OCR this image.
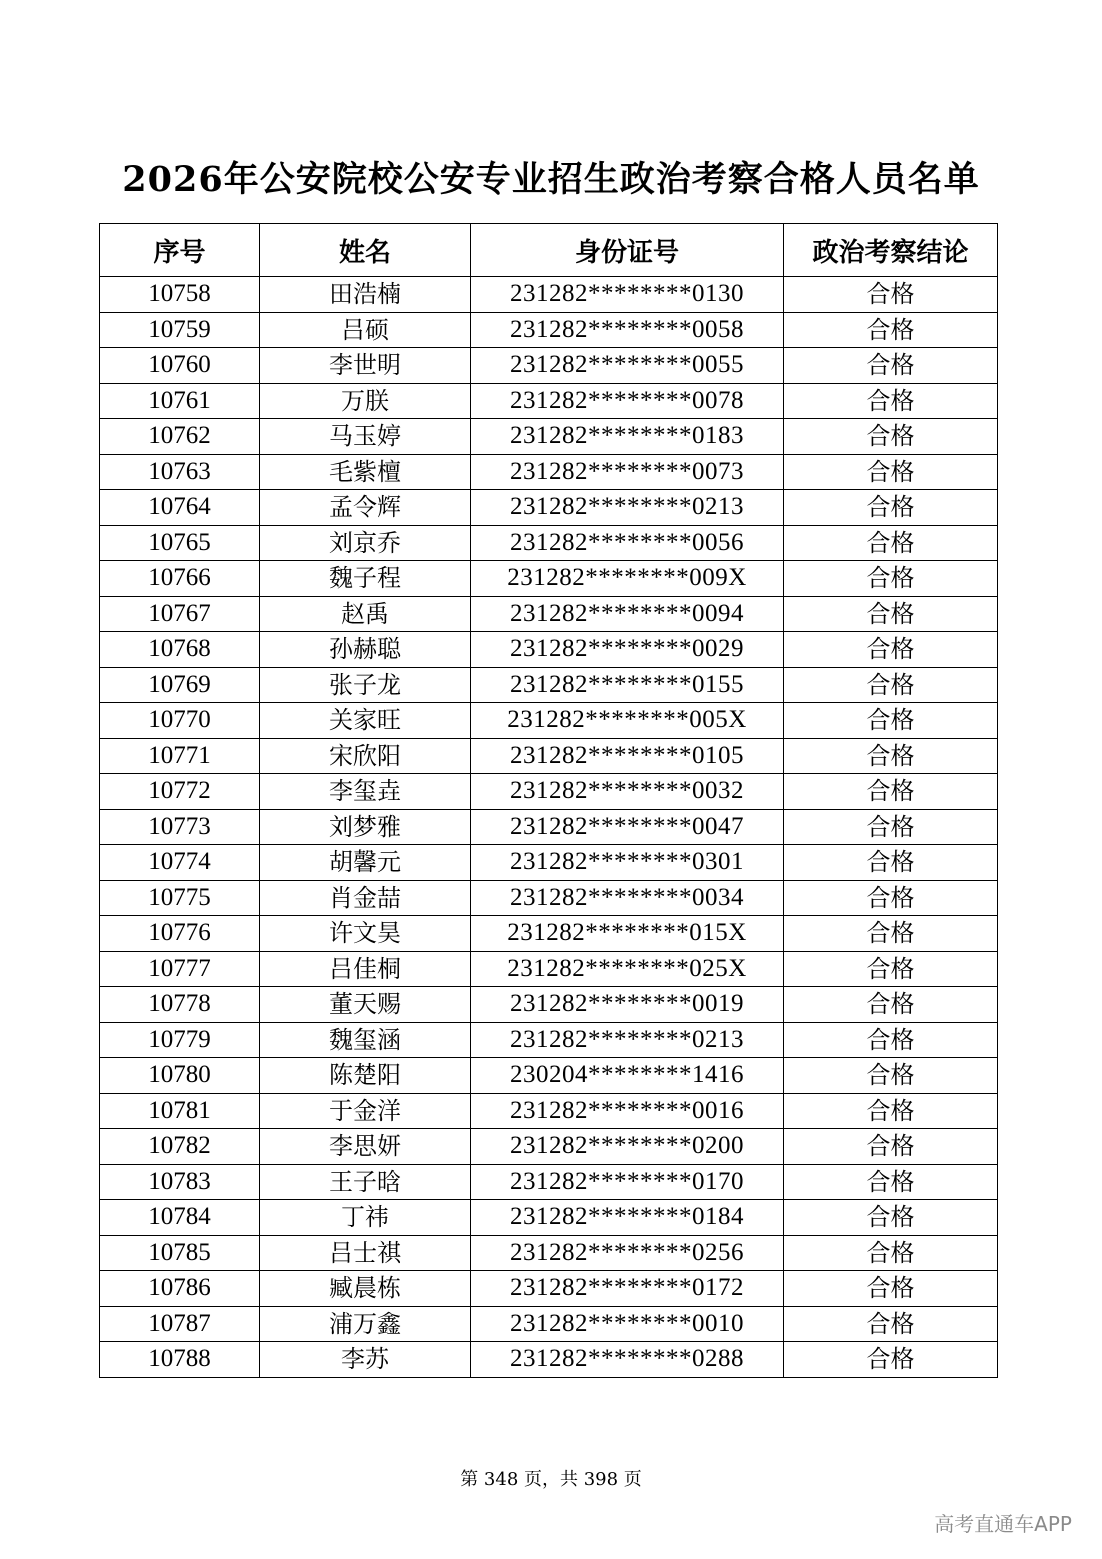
2026年公安院校公安专业招生政治考察合格人员名单
序号	姓名	身份证号	政治考察结论
10758	田浩楠	231282********0130	合格
10759	吕硕	231282********0058	合格
10760	李世明	231282********0055	合格
10761	万朕	231282********0078	合格
10762	马玉婷	231282********0183	合格
10763	毛紫檀	231282********0073	合格
10764	孟令辉	231282********0213	合格
10765	刘京乔	231282********0056	合格
10766	魏子程	231282********009X	合格
10767	赵禹	231282********0094	合格
10768	孙赫聪	231282********0029	合格
10769	张子龙	231282********0155	合格
10770	关家旺	231282********005X	合格
10771	宋欣阳	231282********0105	合格
10772	李玺垚	231282********0032	合格
10773	刘梦雅	231282********0047	合格
10774	胡馨元	231282********0301	合格
10775	肖金喆	231282********0034	合格
10776	许文昊	231282********015X	合格
10777	吕佳桐	231282********025X	合格
10778	董天赐	231282********0019	合格
10779	魏玺涵	231282********0213	合格
10780	陈楚阳	230204********1416	合格
10781	于金洋	231282********0016	合格
10782	李思妍	231282********0200	合格
10783	王子晗	231282********0170	合格
10784	丁祎	231282********0184	合格
10785	吕士祺	231282********0256	合格
10786	臧晨栋	231282********0172	合格
10787	浦万鑫	231282********0010	合格
10788	李苏	231282********0288	合格
第 348 页，共 398 页
高考直通车APP
